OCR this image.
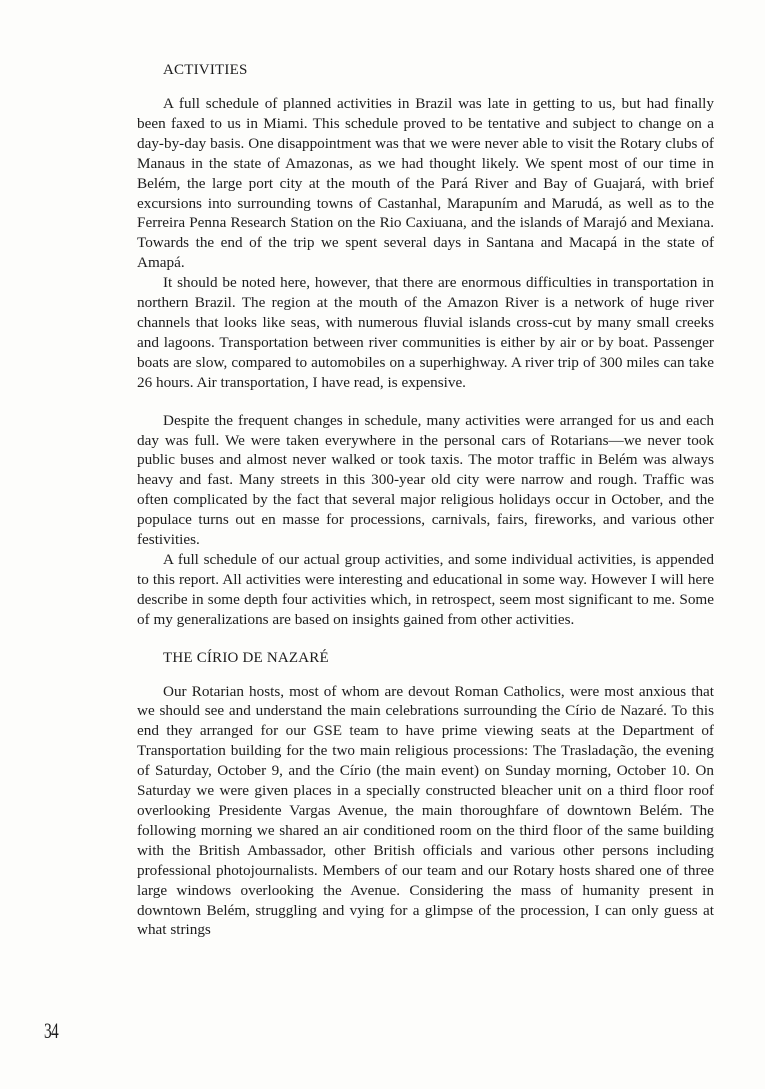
ACTIVITIES

A full schedule of planned activities in Brazil was late in getting to us, but had finally been faxed to us in Miami. This schedule proved to be tentative and subject to change on a day-by-day basis. One disappointment was that we were never able to visit the Rotary clubs of Manaus in the state of Amazonas, as we had thought likely. We spent most of our time in Belém, the large port city at the mouth of the Pará River and Bay of Guajará, with brief excursions into surrounding towns of Castanhal, Marapuním and Marudá, as well as to the Ferreira Penna Research Station on the Rio Caxiuana, and the islands of Marajó and Mexiana. Towards the end of the trip we spent several days in Santana and Macapá in the state of Amapá.

It should be noted here, however, that there are enormous difficulties in transportation in northern Brazil. The region at the mouth of the Amazon River is a network of huge river channels that looks like seas, with numerous fluvial islands cross-cut by many small creeks and lagoons. Transportation between river communities is either by air or by boat. Passenger boats are slow, compared to automobiles on a superhighway. A river trip of 300 miles can take 26 hours. Air transportation, I have read, is expensive.

Despite the frequent changes in schedule, many activities were arranged for us and each day was full. We were taken everywhere in the personal cars of Rotarians—we never took public buses and almost never walked or took taxis. The motor traffic in Belém was always heavy and fast. Many streets in this 300-year old city were narrow and rough. Traffic was often complicated by the fact that several major religious holidays occur in October, and the populace turns out en masse for processions, carnivals, fairs, fireworks, and various other festivities.

A full schedule of our actual group activities, and some individual activities, is appended to this report. All activities were interesting and educational in some way. However I will here describe in some depth four activities which, in retrospect, seem most significant to me. Some of my generalizations are based on insights gained from other activities.

THE CÍRIO DE NAZARÉ

Our Rotarian hosts, most of whom are devout Roman Catholics, were most anxious that we should see and understand the main celebrations surrounding the Círio de Nazaré. To this end they arranged for our GSE team to have prime viewing seats at the Department of Transportation building for the two main religious processions: The Trasladação, the evening of Saturday, October 9, and the Círio (the main event) on Sunday morning, October 10. On Saturday we were given places in a specially constructed bleacher unit on a third floor roof overlooking Presidente Vargas Avenue, the main thoroughfare of downtown Belém. The following morning we shared an air conditioned room on the third floor of the same building with the British Ambassador, other British officials and various other persons including professional photojournalists. Members of our team and our Rotary hosts shared one of three large windows overlooking the Avenue. Considering the mass of humanity present in downtown Belém, struggling and vying for a glimpse of the procession, I can only guess at what strings

34
